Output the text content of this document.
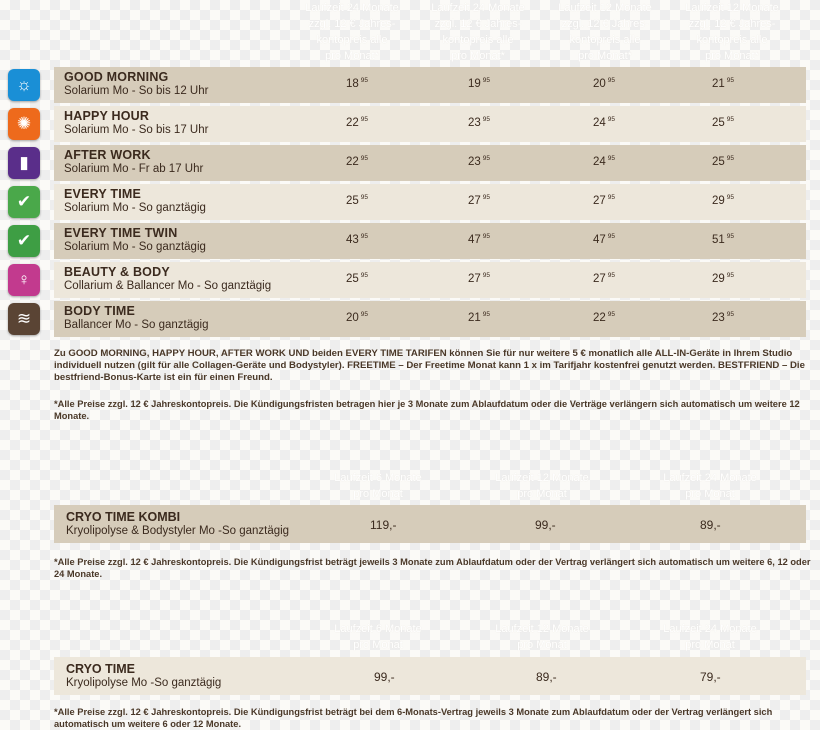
Laufzeit 24 Monate
zzgl. 12 € Jahres-
kontopreis alle
pro Monat*
Laufzeit 24 Monate
zzgl. 12 € Jahres-
kontopreis alle
pro Monat*
Laufzeit 12 Monate
zzgl. 12 € Jahres-
kontopreis alle
pro Monat*
Laufzeit 12 Monate
zzgl. 12 € Jahres-
kontopreis alle
pro Monat*
☼	GOOD MORNING
Solarium Mo - So bis 12 Uhr
18 $^{95}$	19 $^{95}$	20 $^{95}$	21 $^{95}$
✺	HAPPY HOUR
Solarium Mo - So bis 17 Uhr
22 $^{95}$	23 $^{95}$	24 $^{95}$	25 $^{95}$
▮	AFTER WORK
Solarium Mo - Fr ab 17 Uhr
22 $^{95}$	23 $^{95}$	24 $^{95}$	25 $^{95}$
✔	EVERY TIME
Solarium Mo - So ganztägig
25 $^{95}$	27 $^{95}$	27 $^{95}$	29 $^{95}$
✔	EVERY TIME TWIN
Solarium Mo - So ganztägig
43 $^{95}$	47 $^{95}$	47 $^{95}$	51 $^{95}$
♀	BEAUTY & BODY
Collarium & Ballancer Mo - So ganztägig
25 $^{95}$	27 $^{95}$	27 $^{95}$	29 $^{95}$
≋	BODY TIME
Ballancer Mo - So ganztägig
20 $^{95}$	21 $^{95}$	22 $^{95}$	23 $^{95}$
Zu GOOD MORNING, HAPPY HOUR, AFTER WORK UND beiden EVERY TIME TARIFEN können Sie für nur weitere 5 € monatlich alle ALL-IN-Geräte in Ihrem Studio individuell nutzen (gilt für alle Collagen-Geräte und Bodystyler). FREETIME – Der Freetime Monat kann 1 x im Tarifjahr kostenfrei genutzt werden. BESTFRIEND – Die bestfriend-Bonus-Karte ist ein für einen Freund.
*Alle Preise zzgl. 12 € Jahreskontopreis. Die Kündigungsfristen betragen hier je 3 Monate zum Ablaufdatum oder die Verträge verlängern sich automatisch um weitere 12 Monate.
Laufzeit 6 Monate
pro Monat
Laufzeit 12 Monate
pro Monat
Laufzeit 24 Monate
pro Monat
CRYO TIME KOMBI
Kryolipolyse & Bodystyler Mo -So ganztägig	119,-	99,-	89,-
*Alle Preise zzgl. 12 € Jahreskontopreis. Die Kündigungsfrist beträgt jeweils 3 Monate zum Ablaufdatum oder der Vertrag verlängert sich automatisch um weitere 6, 12 oder 24 Monate.
Laufzeit 6 Monate
pro Monat
Laufzeit 12 Monate
pro Monat
Laufzeit 24 Monate
pro Monat
CRYO TIME
Kryolipolyse Mo -So ganztägig	99,-	89,-	79,-
*Alle Preise zzgl. 12 € Jahreskontopreis. Die Kündigungsfrist beträgt bei dem 6-Monats-Vertrag jeweils 3 Monate zum Ablaufdatum oder der Vertrag verlängert sich automatisch um weitere 6 oder 12 Monate.
